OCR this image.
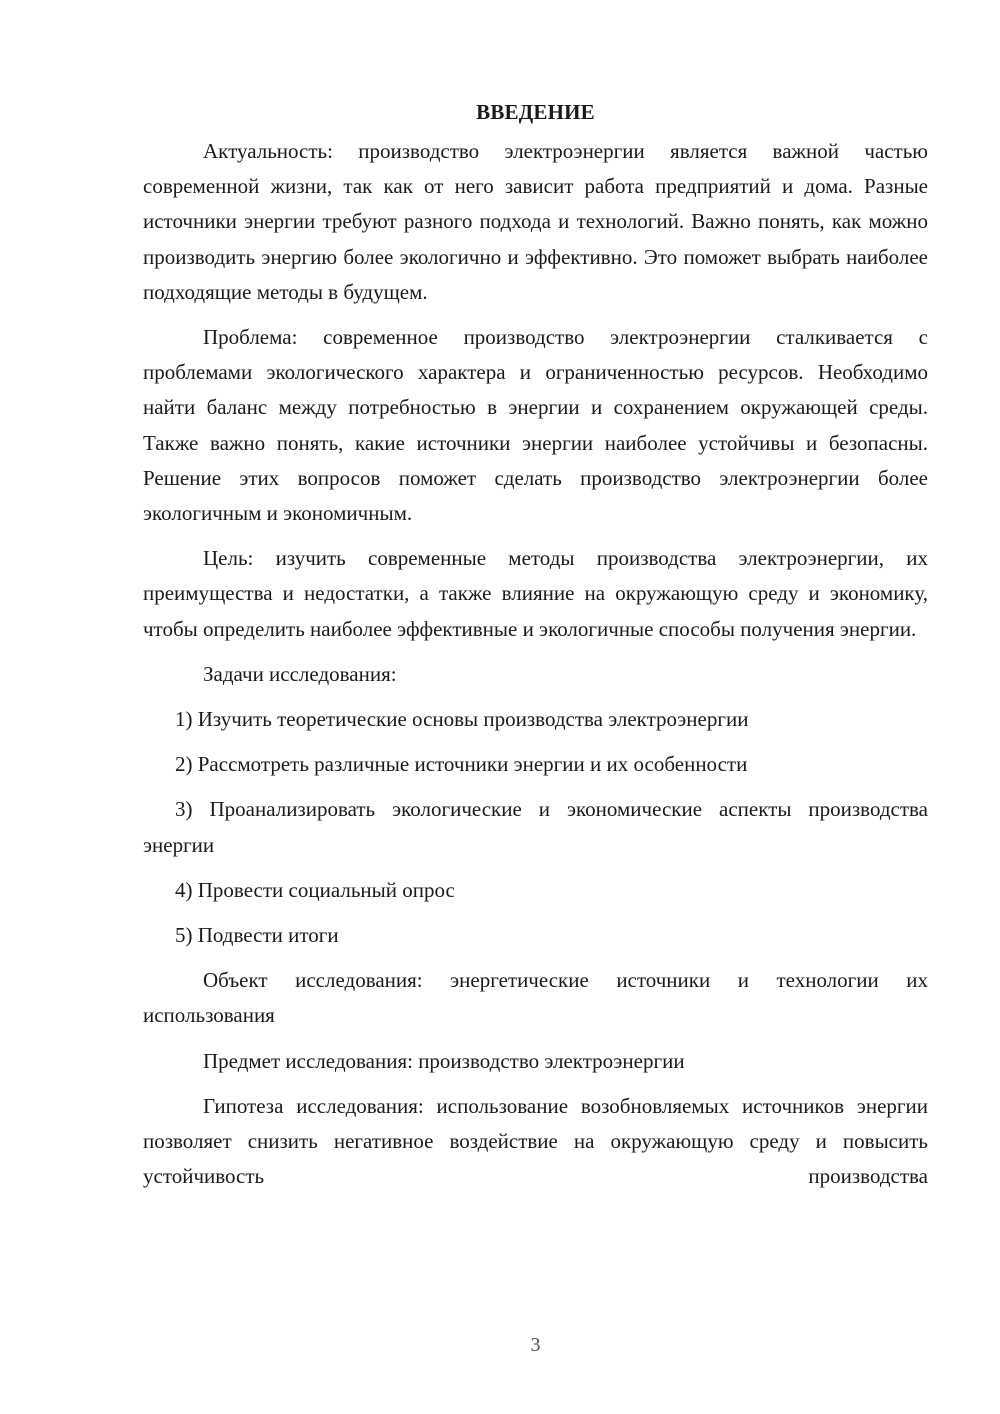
ВВЕДЕНИЕ

Актуальность: производство электроэнергии является важной частью современной жизни, так как от него зависит работа предприятий и дома. Разные источники энергии требуют разного подхода и технологий. Важно понять, как можно производить энергию более экологично и эффективно. Это поможет выбрать наиболее подходящие методы в будущем.

Проблема: современное производство электроэнергии сталкивается с проблемами экологического характера и ограниченностью ресурсов. Необходимо найти баланс между потребностью в энергии и сохранением окружающей среды. Также важно понять, какие источники энергии наиболее устойчивы и безопасны. Решение этих вопросов поможет сделать производство электроэнергии более экологичным и экономичным.

Цель: изучить современные методы производства электроэнергии, их преимущества и недостатки, а также влияние на окружающую среду и экономику, чтобы определить наиболее эффективные и экологичные способы получения энергии.

Задачи исследования:

1) Изучить теоретические основы производства электроэнергии

2) Рассмотреть различные источники энергии и их особенности

3) Проанализировать экологические и экономические аспекты производства энергии

4) Провести социальный опрос

5) Подвести итоги

Объект исследования: энергетические источники и технологии их использования

Предмет исследования: производство электроэнергии

Гипотеза исследования: использование возобновляемых источников энергии позволяет снизить негативное воздействие на окружающую среду и повысить устойчивость производства

3
